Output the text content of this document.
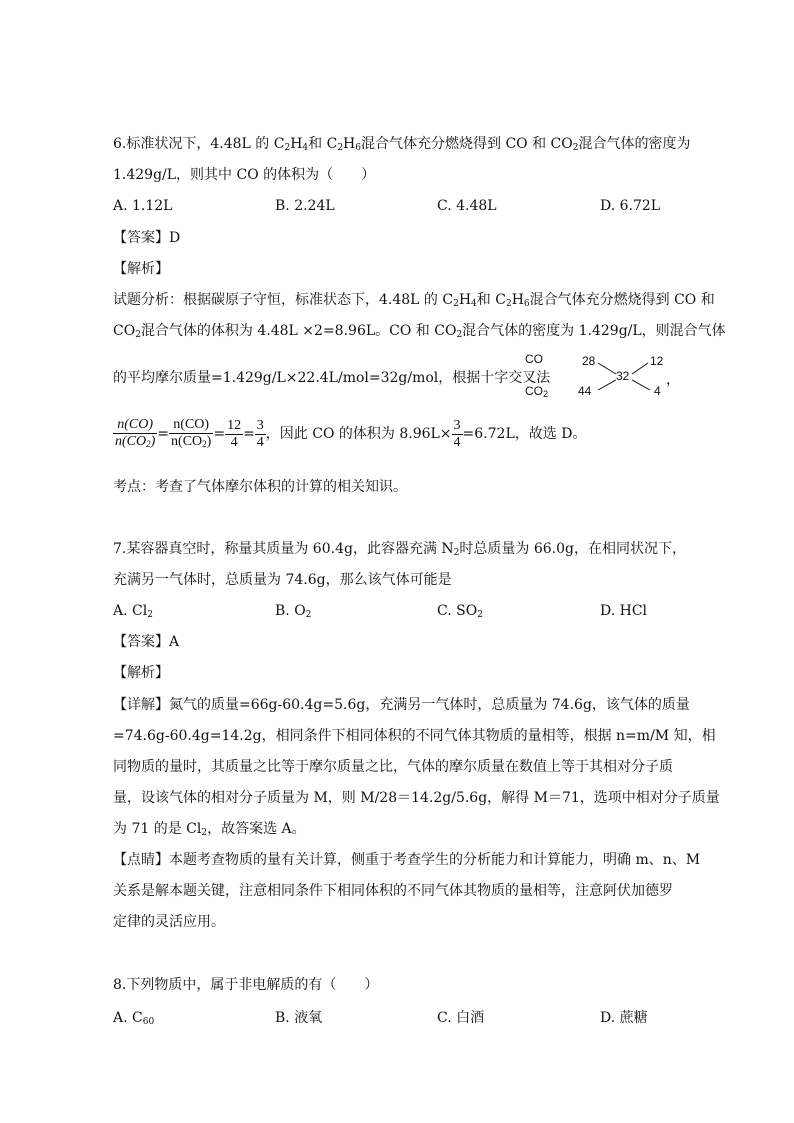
6.标准状况下，4.48L 的 $C_2H_4$和 $C_2H_6$混合气体充分燃烧得到 CO 和 $CO_2$混合气体的密度为
1.429g/L，则其中 CO 的体积为（　　）
A. 1.12L	B. 2.24L	C. 4.48L	D. 6.72L
【答案】D
【解析】
试题分析：根据碳原子守恒，标准状态下，4.48L 的 $C_2H_4$和 $C_2H_6$混合气体充分燃烧得到 CO 和
$CO_2$混合气体的体积为 4.48L ×2=8.96L。CO 和 $CO_2$混合气体的密度为 1.429g/L，则混合气体
的平均摩尔质量=1.429g/L×22.4L/mol=32g/mol，根据十字交叉法	，
CO
$CO_2$
28	12
32
44	4
$\frac{n(CO)}{n(CO_2)} = \frac{n(CO)}{n(CO_2)} = \frac{12}{4} = \frac{3}{4}$ ，因此 CO 的体积为 $8.96L\times \frac{3}{4} =6.72L$，故选 D。
考点：考查了气体摩尔体积的计算的相关知识。
7.某容器真空时，称量其质量为 60.4g，此容器充满 $N_2$时总质量为 66.0g，在相同状况下，
充满另一气体时，总质量为 74.6g，那么该气体可能是
A. $Cl_2$	B. $O_2$	C. $SO_2$	D. HCl
【答案】A
【解析】
【详解】氮气的质量=66g-60.4g=5.6g，充满另一气体时，总质量为 74.6g，该气体的质量
=74.6g-60.4g=14.2g，相同条件下相同体积的不同气体其物质的量相等，根据 n=m/M 知，相
同物质的量时，其质量之比等于摩尔质量之比，气体的摩尔质量在数值上等于其相对分子质
量，设该气体的相对分子质量为 M，则 M/28＝14.2g/5.6g，解得 M＝71，选项中相对分子质量
为 71 的是 $Cl_2$，故答案选 A。
【点睛】本题考查物质的量有关计算，侧重于考查学生的分析能力和计算能力，明确 m、n、M
关系是解本题关键，注意相同条件下相同体积的不同气体其物质的量相等，注意阿伏加德罗
定律的灵活应用。
8.下列物质中，属于非电解质的有（　　）
A. $C_{60}$	B. 液氧	C. 白酒	D. 蔗糖
